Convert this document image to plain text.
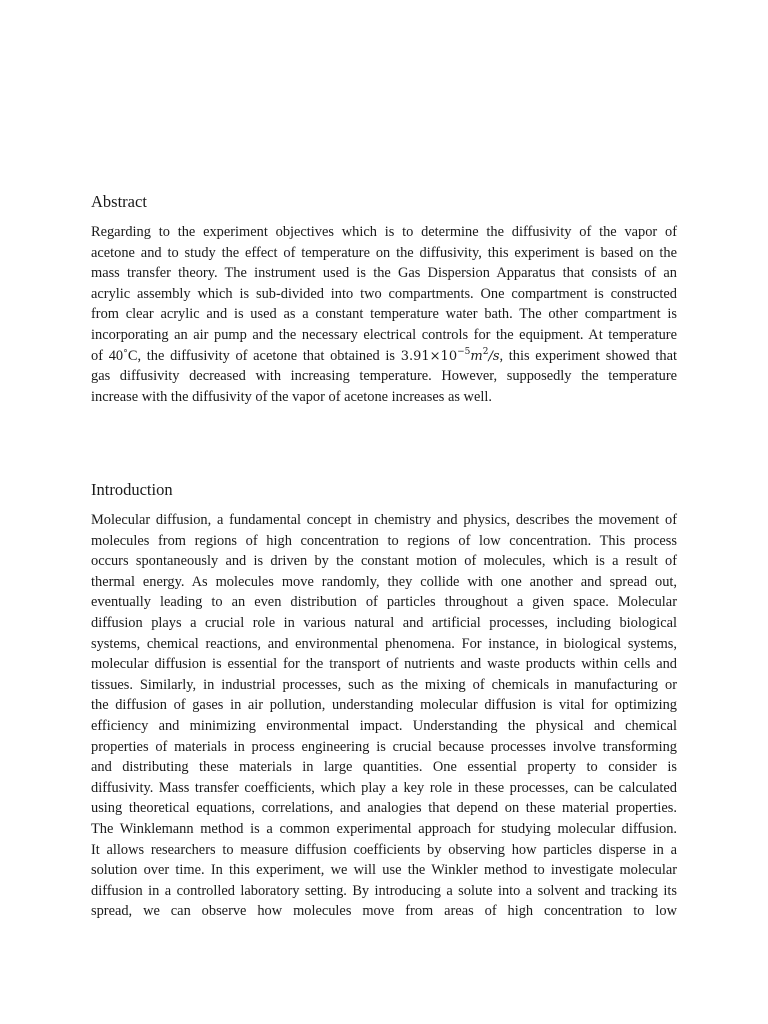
Abstract
Regarding to the experiment objectives which is to determine the diffusivity of the vapor of
acetone and to study the effect of temperature on the diffusivity, this experiment is based on the
mass transfer theory. The instrument used is the Gas Dispersion Apparatus that consists of an
acrylic assembly which is sub-divided into two compartments. One compartment is constructed
from clear acrylic and is used as a constant temperature water bath. The other compartment is
incorporating an air pump and the necessary electrical controls for the equipment. At temperature
of 40˚C, the diffusivity of acetone that obtained is $3.91\times 10^{-5}m^2/s$, this experiment showed that
gas diffusivity decreased with increasing temperature. However, supposedly the temperature
increase with the diffusivity of the vapor of acetone increases as well.
Introduction
Molecular diffusion, a fundamental concept in chemistry and physics, describes the movement of
molecules from regions of high concentration to regions of low concentration. This process
occurs spontaneously and is driven by the constant motion of molecules, which is a result of
thermal energy. As molecules move randomly, they collide with one another and spread out,
eventually leading to an even distribution of particles throughout a given space. Molecular
diffusion plays a crucial role in various natural and artificial processes, including biological
systems, chemical reactions, and environmental phenomena. For instance, in biological systems,
molecular diffusion is essential for the transport of nutrients and waste products within cells and
tissues. Similarly, in industrial processes, such as the mixing of chemicals in manufacturing or
the diffusion of gases in air pollution, understanding molecular diffusion is vital for optimizing
efficiency and minimizing environmental impact. Understanding the physical and chemical
properties of materials in process engineering is crucial because processes involve transforming
and distributing these materials in large quantities. One essential property to consider is
diffusivity. Mass transfer coefficients, which play a key role in these processes, can be calculated
using theoretical equations, correlations, and analogies that depend on these material properties.
The Winklemann method is a common experimental approach for studying molecular diffusion.
It allows researchers to measure diffusion coefficients by observing how particles disperse in a
solution over time. In this experiment, we will use the Winkler method to investigate molecular
diffusion in a controlled laboratory setting. By introducing a solute into a solvent and tracking its
spread, we can observe how molecules move from areas of high concentration to low
